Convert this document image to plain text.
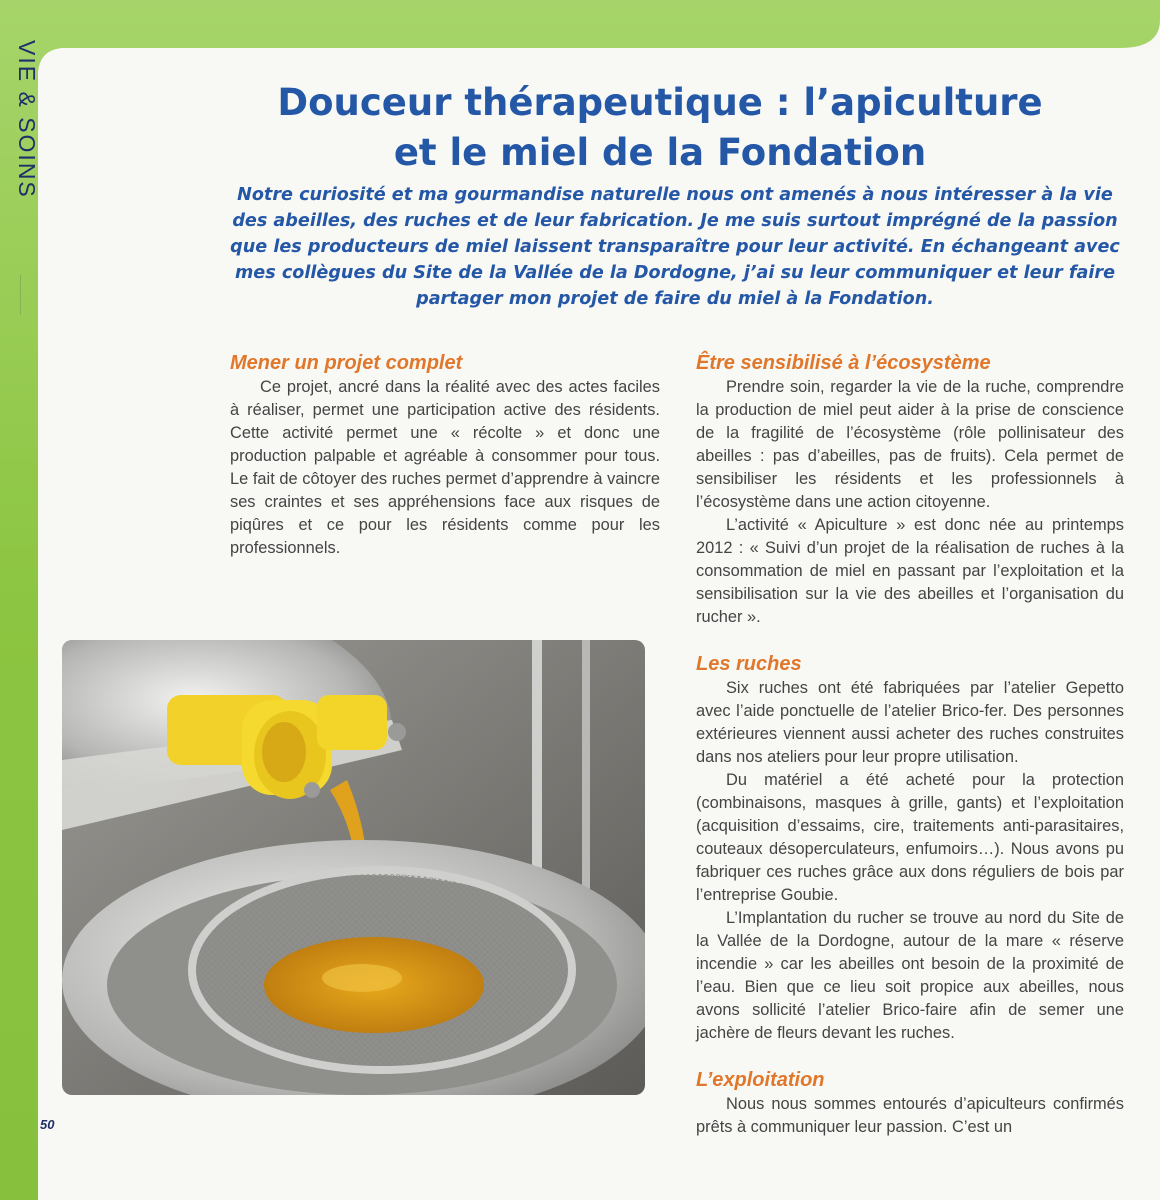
VIE & SOINS	Douceur thérapeutique : l’apiculture
et le miel de la Fondation
Notre curiosité et ma gourmandise naturelle nous ont amenés à nous intéresser à la vie
des abeilles, des ruches et de leur fabrication. Je me suis surtout imprégné de la passion
que les producteurs de miel laissent transparaître pour leur activité. En échangeant avec
mes collègues du Site de la Vallée de la Dordogne, j’ai su leur communiquer et leur faire
partager mon projet de faire du miel à la Fondation.
Mener un projet complet

Ce projet, ancré dans la réalité avec des actes faciles à réaliser, permet une participation active des résidents. Cette activité permet une « récolte » et donc une production palpable et agréable à consommer pour tous. Le fait de côtoyer des ruches permet d’apprendre à vaincre ses craintes et ses appréhensions face aux risques de piqûres et ce pour les résidents comme pour les professionnels.

Être sensibilisé à l’écosystème

Prendre soin, regarder la vie de la ruche, comprendre la production de miel peut aider à la prise de conscience de la fragilité de l’écosystème (rôle pollinisateur des abeilles : pas d’abeilles, pas de fruits). Cela permet de sensibiliser les résidents et les professionnels à l’écosystème dans une action citoyenne.

L’activité « Apiculture » est donc née au printemps 2012 : « Suivi d’un projet de la réalisation de ruches à la consommation de miel en passant par l’exploitation et la sensibilisation sur la vie des abeilles et l’organisation du rucher ».

Les ruches

Six ruches ont été fabriquées par l’atelier Gepetto avec l’aide ponctuelle de l’atelier Brico-fer. Des personnes extérieures viennent aussi acheter des ruches construites dans nos ateliers pour leur propre utilisation.

Du matériel a été acheté pour la protection (combinaisons, masques à grille, gants) et l’exploitation (acquisition d’essaims, cire, traitements anti-parasitaires, couteaux désoperculateurs, enfumoirs…). Nous avons pu fabriquer ces ruches grâce aux dons réguliers de bois par l’entreprise Goubie.

L’Implantation du rucher se trouve au nord du Site de la Vallée de la Dordogne, autour de la mare « réserve incendie » car les abeilles ont besoin de la proximité de l’eau. Bien que ce lieu soit propice aux abeilles, nous avons sollicité l’atelier Brico-faire afin de semer une jachère de fleurs devant les ruches.

L’exploitation

Nous nous sommes entourés d’apiculteurs confirmés prêts à communiquer leur passion. C’est un

50
